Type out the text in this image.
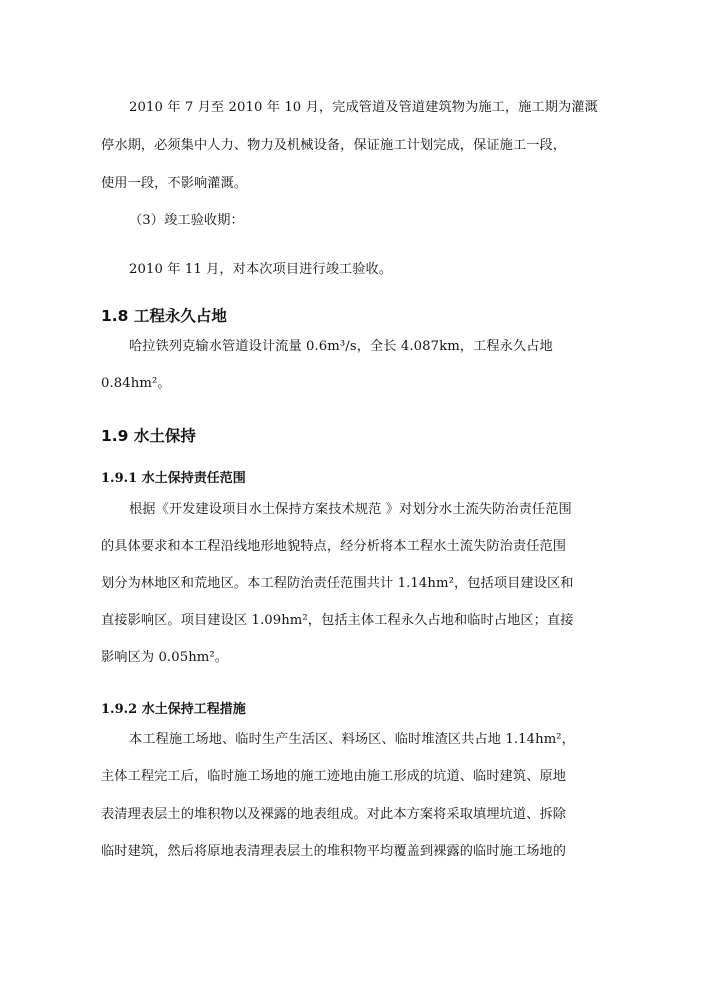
2010 年 7 月至 2010 年 10 月，完成管道及管道建筑物为施工，施工期为灌溉
停水期，必须集中人力、物力及机械设备，保证施工计划完成，保证施工一段，
使用一段，不影响灌溉。
（3）竣工验收期：
2010 年 11 月，对本次项目进行竣工验收。
1.8 工程永久占地
哈拉铁列克输水管道设计流量 0.6m³/s，全长 4.087km，工程永久占地
0.84hm²。
1.9 水土保持
1.9.1 水土保持责任范围
根据《开发建设项目水土保持方案技术规范 》对划分水土流失防治责任范围
的具体要求和本工程沿线地形地貌特点，经分析将本工程水土流失防治责任范围
划分为林地区和荒地区。本工程防治责任范围共计 1.14hm²，包括项目建设区和
直接影响区。项目建设区 1.09hm²，包括主体工程永久占地和临时占地区；直接
影响区为 0.05hm²。
1.9.2 水土保持工程措施
本工程施工场地、临时生产生活区、料场区、临时堆渣区共占地 1.14hm²，
主体工程完工后，临时施工场地的施工迹地由施工形成的坑道、临时建筑、原地
表清理表层土的堆积物以及裸露的地表组成。对此本方案将采取填埋坑道、拆除
临时建筑，然后将原地表清理表层土的堆积物平均覆盖到裸露的临时施工场地的
